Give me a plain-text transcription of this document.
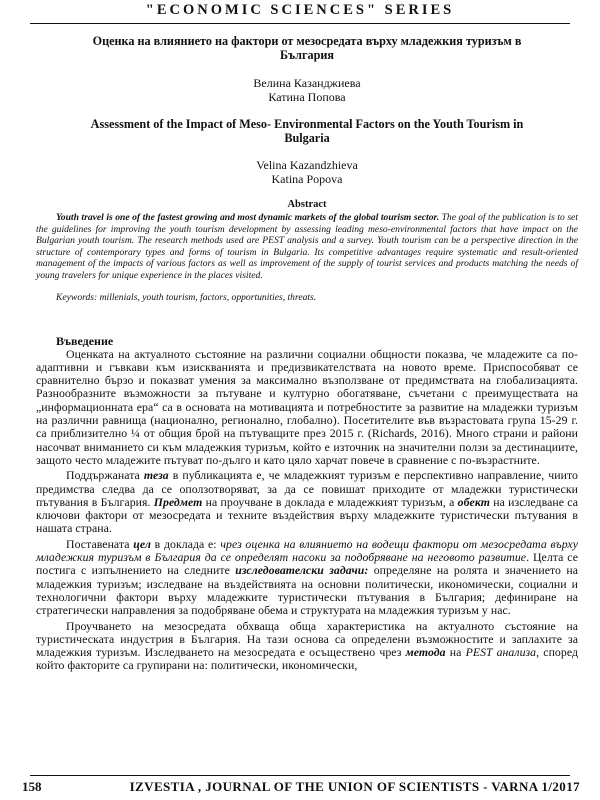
"ECONOMIC SCIENCES" SERIES
Оценка на влиянието на фактори от мезосредата върху младежкия туризъм в България
Велина Казанджиева
Катина Попова
Assessment of the Impact of Meso- Environmental Factors on the Youth Tourism in Bulgaria
Velina Kazandzhieva
Katina Popova
Abstract
Youth travel is one of the fastest growing and most dynamic markets of the global tourism sector. The goal of the publication is to set the guidelines for improving the youth tourism development by assessing leading meso-environmental factors that have impact on the Bulgarian youth tourism. The research methods used are PEST analysis and a survey. Youth tourism can be a perspective direction in the structure of contemporary types and forms of tourism in Bulgaria. Its competitive advantages require systematic and result-oriented management of the impacts of various factors as well as improvement of the supply of tourist services and products matching the needs of young travelers for unique experience in the places visited.
Keywords: millenials, youth tourism, factors, opportunities, threats.
Въведение

Оценката на актуалното състояние на различни социални общности показва, че младежите са по-адаптивни и гъвкави към изискванията и предизвикателствата на новото време. Приспособяват се сравнително бързо и показват умения за максимално възползване от предимствата на глобализацията. Разнообразните възможности за пътуване и културно обогатяване, съчетани с преимуществата на „информационната ера“ са в основата на мотивацията и потребностите за развитие на младежки туризъм на различни равнища (национално, регионално, глобално). Посетителите във възрастовата група 15-29 г. са приблизително ¼ от общия брой на пътуващите през 2015 г. (Richards, 2016). Много страни и райони насочват вниманието си към младежкия туризъм, който е източник на значителни ползи за дестинациите, защото често младежите пътуват по-дълго и като цяло харчат повече в сравнение с по-възрастните.

Поддържаната теза в публикацията е, че младежкият туризъм е перспективно направление, чиито предимства следва да се оползотворяват, за да се повишат приходите от младежки туристически пътувания в България. Предмет на проучване в доклада е младежкият туризъм, а обект на изследване са ключови фактори от мезосредата и техните въздействия върху младежките туристически пътувания в нашата страна.

Поставената цел в доклада е: чрез оценка на влиянието на водещи фактори от мезосредата върху младежкия туризъм в България да се определят насоки за подобряване на неговото развитие. Целта се постига с изпълнението на следните изследователски задачи: определяне на ролята и значението на младежкия туризъм; изследване на въздействията на основни политически, икономически, социални и технологични фактори върху младежките туристически пътувания в България; дефиниране на стратегически направления за подобряване обема и структурата на младежкия туризъм у нас.

Проучването на мезосредата обхваща обща характеристика на актуалното състояние на туристическата индустрия в България. На тази основа са определени възможностите и заплахите за младежкия туризъм. Изследването на мезосредата е осъществено чрез метода на PEST анализа, според който факторите са групирани на: политически, икономически,

158	IZVESTIA , JOURNAL OF THE UNION OF SCIENTISTS - VARNA 1/2017
